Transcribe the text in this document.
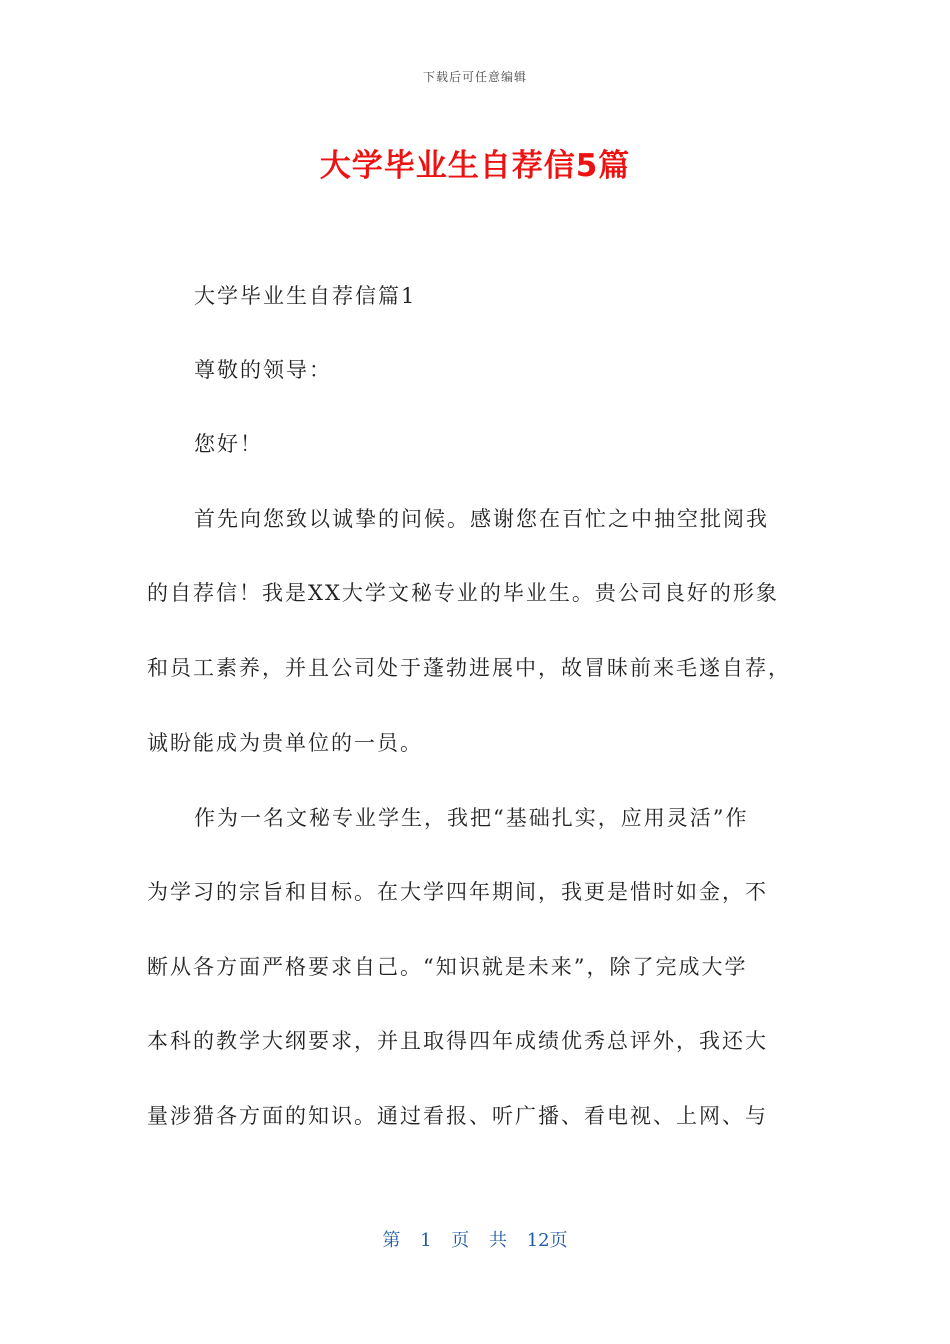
下载后可任意编辑
大学毕业生自荐信5篇
大学毕业生自荐信篇1
尊敬的领导：
您好！
首先向您致以诚挚的问候。感谢您在百忙之中抽空批阅我
的自荐信！我是XX大学文秘专业的毕业生。贵公司良好的形象
和员工素养，并且公司处于蓬勃进展中，故冒昧前来毛遂自荐，
诚盼能成为贵单位的一员。
作为一名文秘专业学生，我把“基础扎实，应用灵活”作
为学习的宗旨和目标。在大学四年期间，我更是惜时如金，不
断从各方面严格要求自己。“知识就是未来”，除了完成大学
本科的教学大纲要求，并且取得四年成绩优秀总评外，我还大
量涉猎各方面的知识。通过看报、听广播、看电视、上网、与
第 1 页 共 12页
